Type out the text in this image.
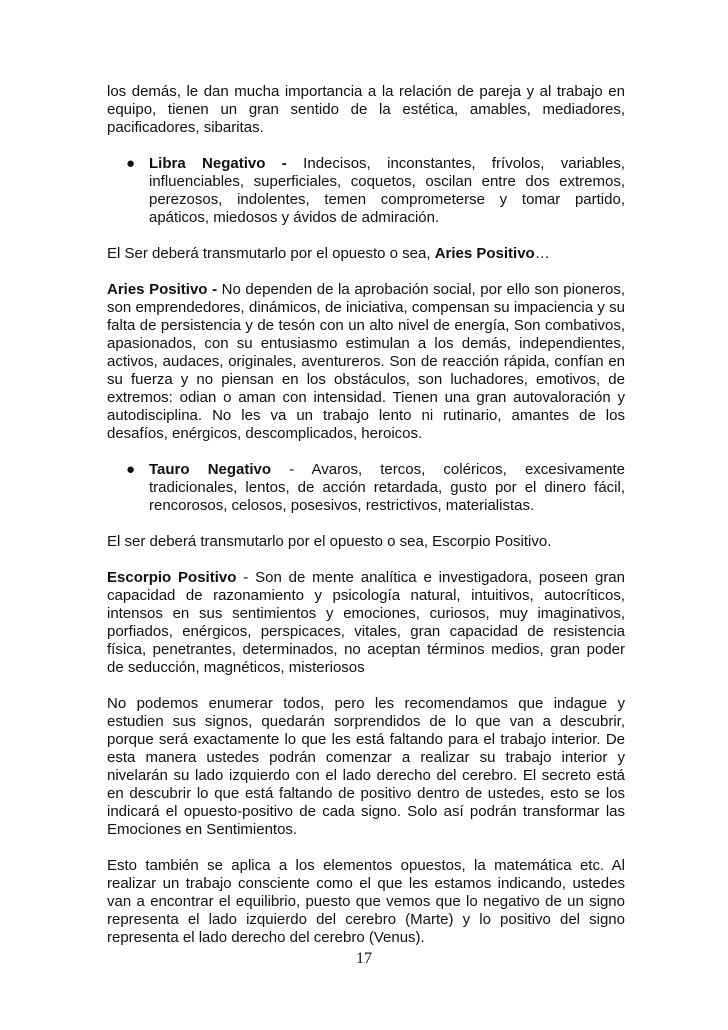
los demás, le dan mucha importancia a la relación de pareja y al trabajo en equipo, tienen un gran sentido de la estética, amables, mediadores, pacificadores, sibaritas.

● Libra Negativo - Indecisos, inconstantes, frívolos, variables, influenciables, superficiales, coquetos, oscilan entre dos extremos, perezosos, indolentes, temen comprometerse y tomar partido, apáticos, miedosos y ávidos de admiración.

El Ser deberá transmutarlo por el opuesto o sea, Aries Positivo…

Aries Positivo - No dependen de la aprobación social, por ello son pioneros, son emprendedores, dinámicos, de iniciativa, compensan su impaciencia y su falta de persistencia y de tesón con un alto nivel de energía, Son combativos, apasionados, con su entusiasmo estimulan a los demás, independientes, activos, audaces, originales, aventureros. Son de reacción rápida, confían en su fuerza y no piensan en los obstáculos, son luchadores, emotivos, de extremos: odian o aman con intensidad. Tienen una gran autovaloración y autodisciplina. No les va un trabajo lento ni rutinario, amantes de los desafíos, enérgicos, descomplicados, heroicos.

● Tauro Negativo - Avaros, tercos, coléricos, excesivamente tradicionales, lentos, de acción retardada, gusto por el dinero fácil, rencorosos, celosos, posesivos, restrictivos, materialistas.

El ser deberá transmutarlo por el opuesto o sea, Escorpio Positivo.

Escorpio Positivo - Son de mente analítica e investigadora, poseen gran capacidad de razonamiento y psicología natural, intuitivos, autocríticos, intensos en sus sentimientos y emociones, curiosos, muy imaginativos, porfiados, enérgicos, perspicaces, vitales, gran capacidad de resistencia física, penetrantes, determinados, no aceptan términos medios, gran poder de seducción, magnéticos, misteriosos

No podemos enumerar todos, pero les recomendamos que indague y estudien sus signos, quedarán sorprendidos de lo que van a descubrir, porque será exactamente lo que les está faltando para el trabajo interior. De esta manera ustedes podrán comenzar a realizar su trabajo interior y nivelarán su lado izquierdo con el lado derecho del cerebro. El secreto está en descubrir lo que está faltando de positivo dentro de ustedes, esto se los indicará el opuesto-positivo de cada signo. Solo así podrán transformar las Emociones en Sentimientos.

Esto también se aplica a los elementos opuestos, la matemática etc. Al realizar un trabajo consciente como el que les estamos indicando, ustedes van a encontrar el equilibrio, puesto que vemos que lo negativo de un signo representa el lado izquierdo del cerebro (Marte) y lo positivo del signo representa el lado derecho del cerebro (Venus).

17
